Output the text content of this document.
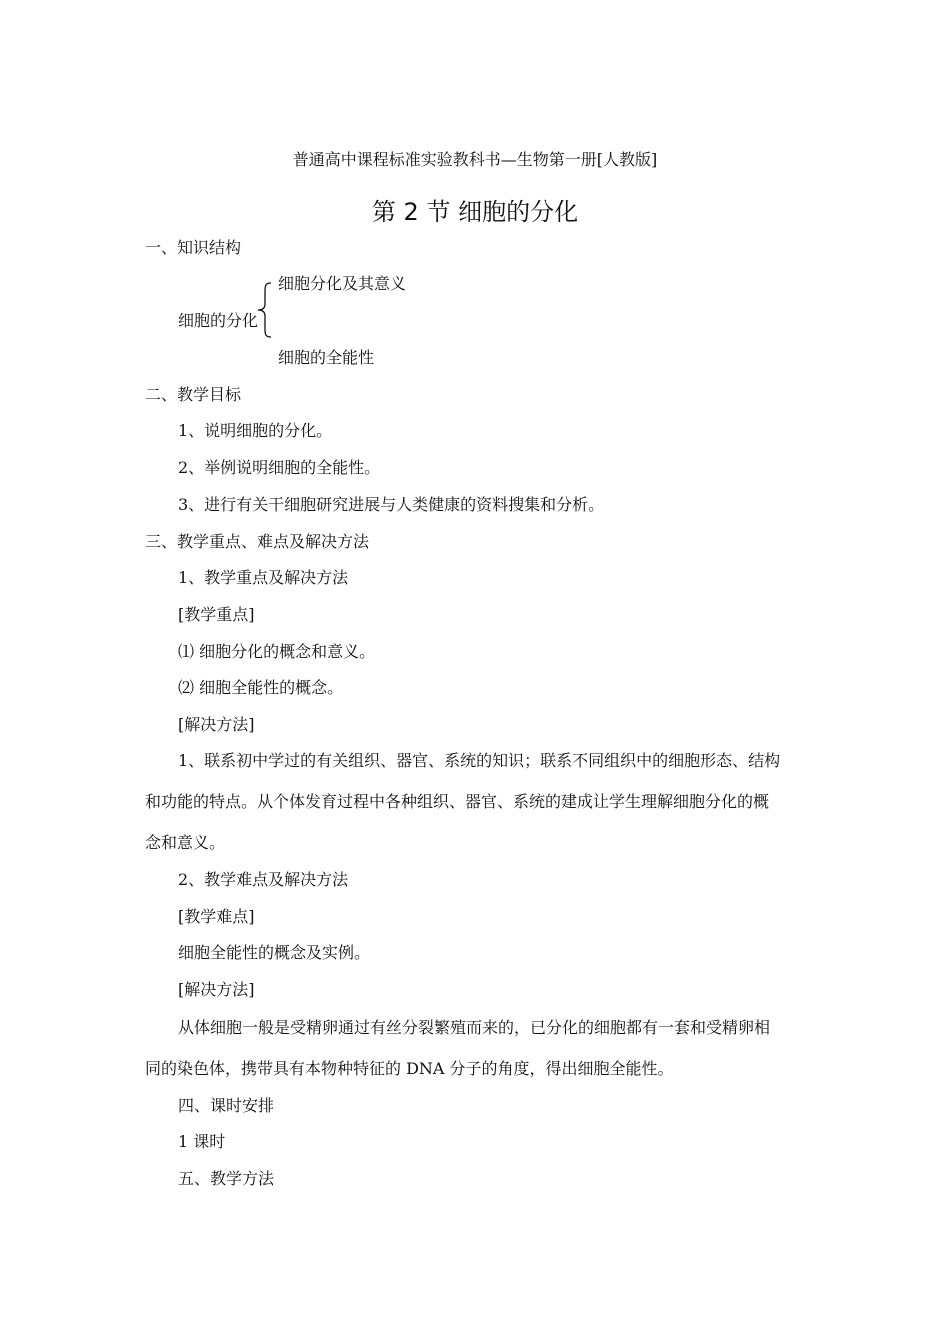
普通高中课程标准实验教科书—生物第一册[人教版]
第 2 节 细胞的分化
一、知识结构
细胞分化及其意义
细胞的分化
细胞的全能性
二、教学目标
1、说明细胞的分化。
2、举例说明细胞的全能性。
3、进行有关干细胞研究进展与人类健康的资料搜集和分析。
三、教学重点、难点及解决方法
1、教学重点及解决方法
[教学重点]
⑴ 细胞分化的概念和意义。
⑵ 细胞全能性的概念。
[解决方法]
1、联系初中学过的有关组织、器官、系统的知识；联系不同组织中的细胞形态、结构
和功能的特点。从个体发育过程中各种组织、器官、系统的建成让学生理解细胞分化的概
念和意义。
2、教学难点及解决方法
[教学难点]
细胞全能性的概念及实例。
[解决方法]
从体细胞一般是受精卵通过有丝分裂繁殖而来的，已分化的细胞都有一套和受精卵相
同的染色体，携带具有本物种特征的 DNA 分子的角度，得出细胞全能性。
四、课时安排
1 课时
五、教学方法
